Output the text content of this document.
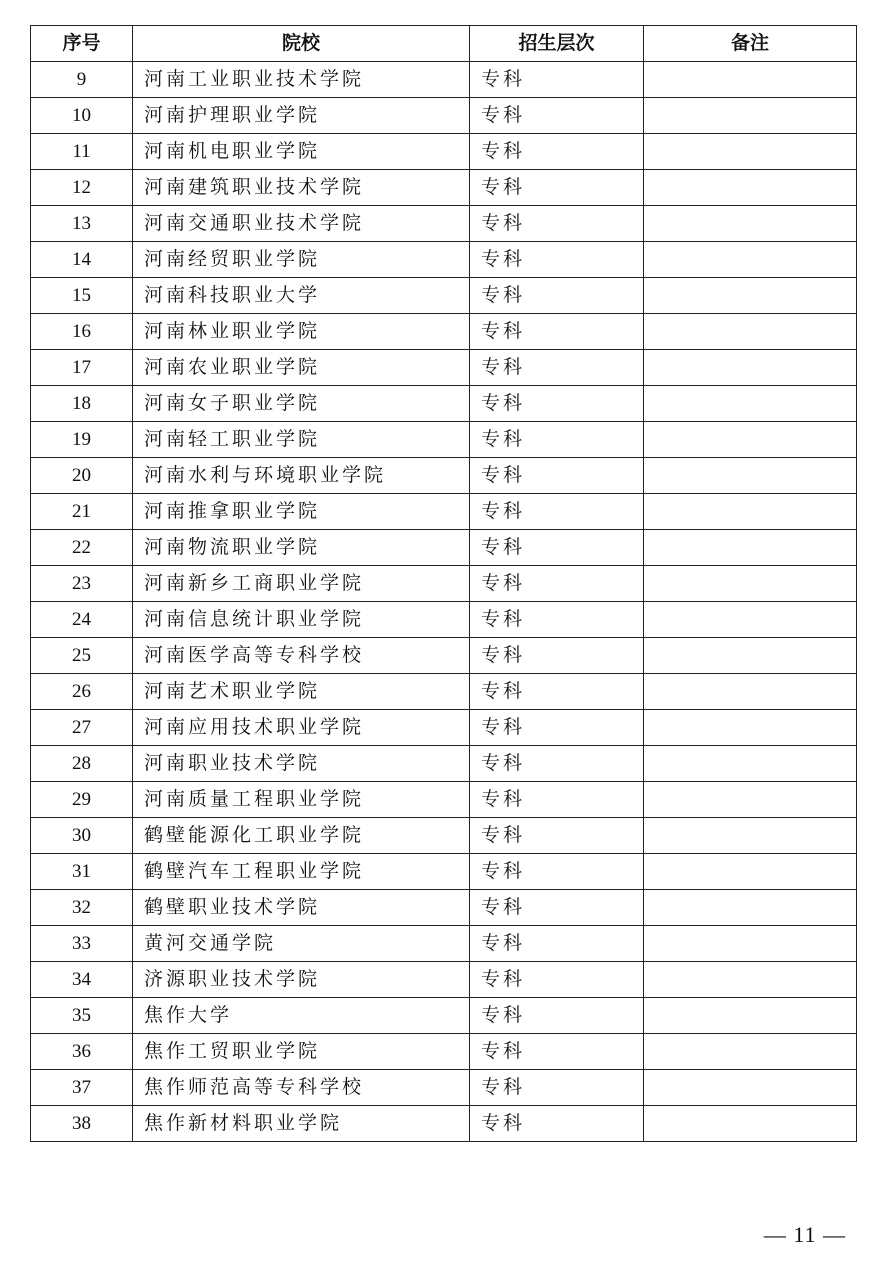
序号	院校	招生层次	备注
9	河南工业职业技术学院	专科	
10	河南护理职业学院	专科	
11	河南机电职业学院	专科	
12	河南建筑职业技术学院	专科	
13	河南交通职业技术学院	专科	
14	河南经贸职业学院	专科	
15	河南科技职业大学	专科	
16	河南林业职业学院	专科	
17	河南农业职业学院	专科	
18	河南女子职业学院	专科	
19	河南轻工职业学院	专科	
20	河南水利与环境职业学院	专科	
21	河南推拿职业学院	专科	
22	河南物流职业学院	专科	
23	河南新乡工商职业学院	专科	
24	河南信息统计职业学院	专科	
25	河南医学高等专科学校	专科	
26	河南艺术职业学院	专科	
27	河南应用技术职业学院	专科	
28	河南职业技术学院	专科	
29	河南质量工程职业学院	专科	
30	鹤壁能源化工职业学院	专科	
31	鹤壁汽车工程职业学院	专科	
32	鹤壁职业技术学院	专科	
33	黄河交通学院	专科	
34	济源职业技术学院	专科	
35	焦作大学	专科	
36	焦作工贸职业学院	专科	
37	焦作师范高等专科学校	专科	
38	焦作新材料职业学院	专科	
— 11 —
